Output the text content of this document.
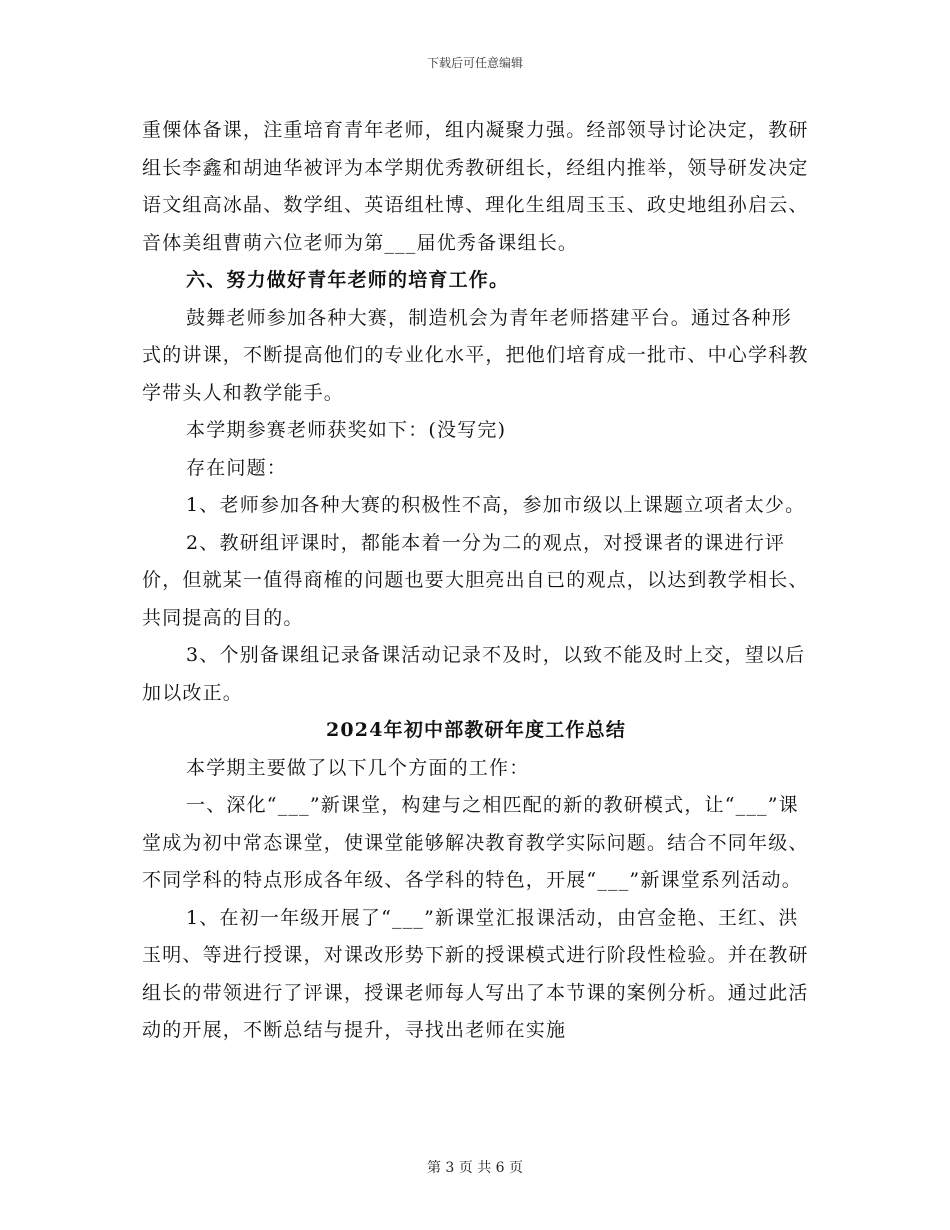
下载后可任意编辑

重傈体备课，注重培育青年老师，组内凝聚力强。经部领导讨论决定，教研组长李鑫和胡迪华被评为本学期优秀教研组长，经组内推举，领导研发决定语文组高冰晶、数学组、英语组杜博、理化生组周玉玉、政史地组孙启云、音体美组曹萌六位老师为第___届优秀备课组长。

六、努力做好青年老师的培育工作。

鼓舞老师参加各种大赛，制造机会为青年老师搭建平台。通过各种形式的讲课，不断提高他们的专业化水平，把他们培育成一批市、中心学科教学带头人和教学能手。

本学期参赛老师获奖如下：(没写完)

存在问题：

1、老师参加各种大赛的积极性不高，参加市级以上课题立项者太少。

2、教研组评课时，都能本着一分为二的观点，对授课者的课进行评价，但就某一值得商榷的问题也要大胆亮出自已的观点，以达到教学相长、共同提高的目的。

3、个别备课组记录备课活动记录不及时，以致不能及时上交，望以后加以改正。

2024年初中部教研年度工作总结

本学期主要做了以下几个方面的工作：

一、深化“___”新课堂，构建与之相匹配的新的教研模式，让“___”课堂成为初中常态课堂，使课堂能够解决教育教学实际问题。结合不同年级、不同学科的特点形成各年级、各学科的特色，开展“___”新课堂系列活动。

1、在初一年级开展了“___”新课堂汇报课活动，由宫金艳、王红、洪玉明、等进行授课，对课改形势下新的授课模式进行阶段性检验。并在教研组长的带领进行了评课，授课老师每人写出了本节课的案例分析。通过此活动的开展，不断总结与提升，寻找出老师在实施

第 3 页 共 6 页
